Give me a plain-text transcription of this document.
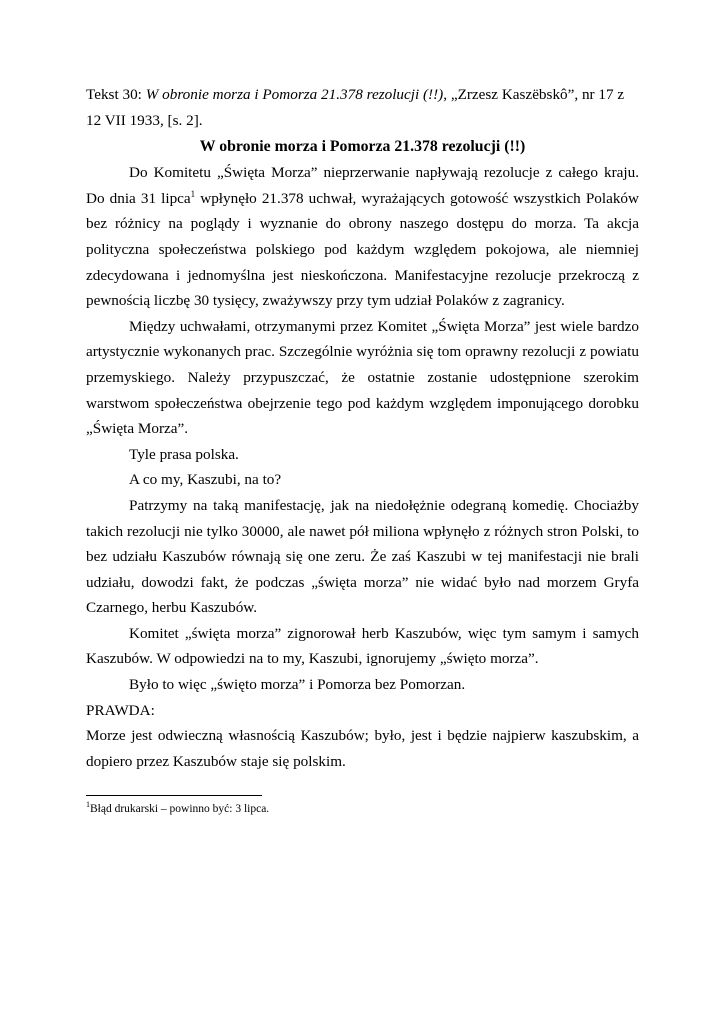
Tekst 30: W obronie morza i Pomorza 21.378 rezolucji (!!), „Zrzesz Kaszëbskô”, nr 17 z
12 VII 1933, [s. 2].

W obronie morza i Pomorza 21.378 rezolucji (!!)

Do Komitetu „Święta Morza” nieprzerwanie napływają rezolucje z całego kraju. Do dnia 31 lipca$^1$ wpłynęło 21.378 uchwał, wyrażających gotowość wszystkich Polaków bez różnicy na poglądy i wyznanie do obrony naszego dostępu do morza. Ta akcja polityczna społeczeństwa polskiego pod każdym względem pokojowa, ale niemniej zdecydowana i jednomyślna jest nieskończona. Manifestacyjne rezolucje przekroczą z pewnością liczbę 30 tysięcy, zważywszy przy tym udział Polaków z zagranicy.

Między uchwałami, otrzymanymi przez Komitet „Święta Morza” jest wiele bardzo artystycznie wykonanych prac. Szczególnie wyróżnia się tom oprawny rezolucji z powiatu przemyskiego. Należy przypuszczać, że ostatnie zostanie udostępnione szerokim warstwom społeczeństwa obejrzenie tego pod każdym względem imponującego dorobku „Święta Morza”.

Tyle prasa polska.

A co my, Kaszubi, na to?

Patrzymy na taką manifestację, jak na niedołężnie odegraną komedię. Chociażby takich rezolucji nie tylko 30000, ale nawet pół miliona wpłynęło z różnych stron Polski, to bez udziału Kaszubów równają się one zeru. Że zaś Kaszubi w tej manifestacji nie brali udziału, dowodzi fakt, że podczas „święta morza” nie widać było nad morzem Gryfa Czarnego, herbu Kaszubów.

Komitet „święta morza” zignorował herb Kaszubów, więc tym samym i samych Kaszubów. W odpowiedzi na to my, Kaszubi, ignorujemy „święto morza”.

Było to więc „święto morza” i Pomorza bez Pomorzan.

PRAWDA:

Morze jest odwieczną własnością Kaszubów; było, jest i będzie najpierw kaszubskim, a dopiero przez Kaszubów staje się polskim.

$^1$Błąd drukarski – powinno być: 3 lipca.
